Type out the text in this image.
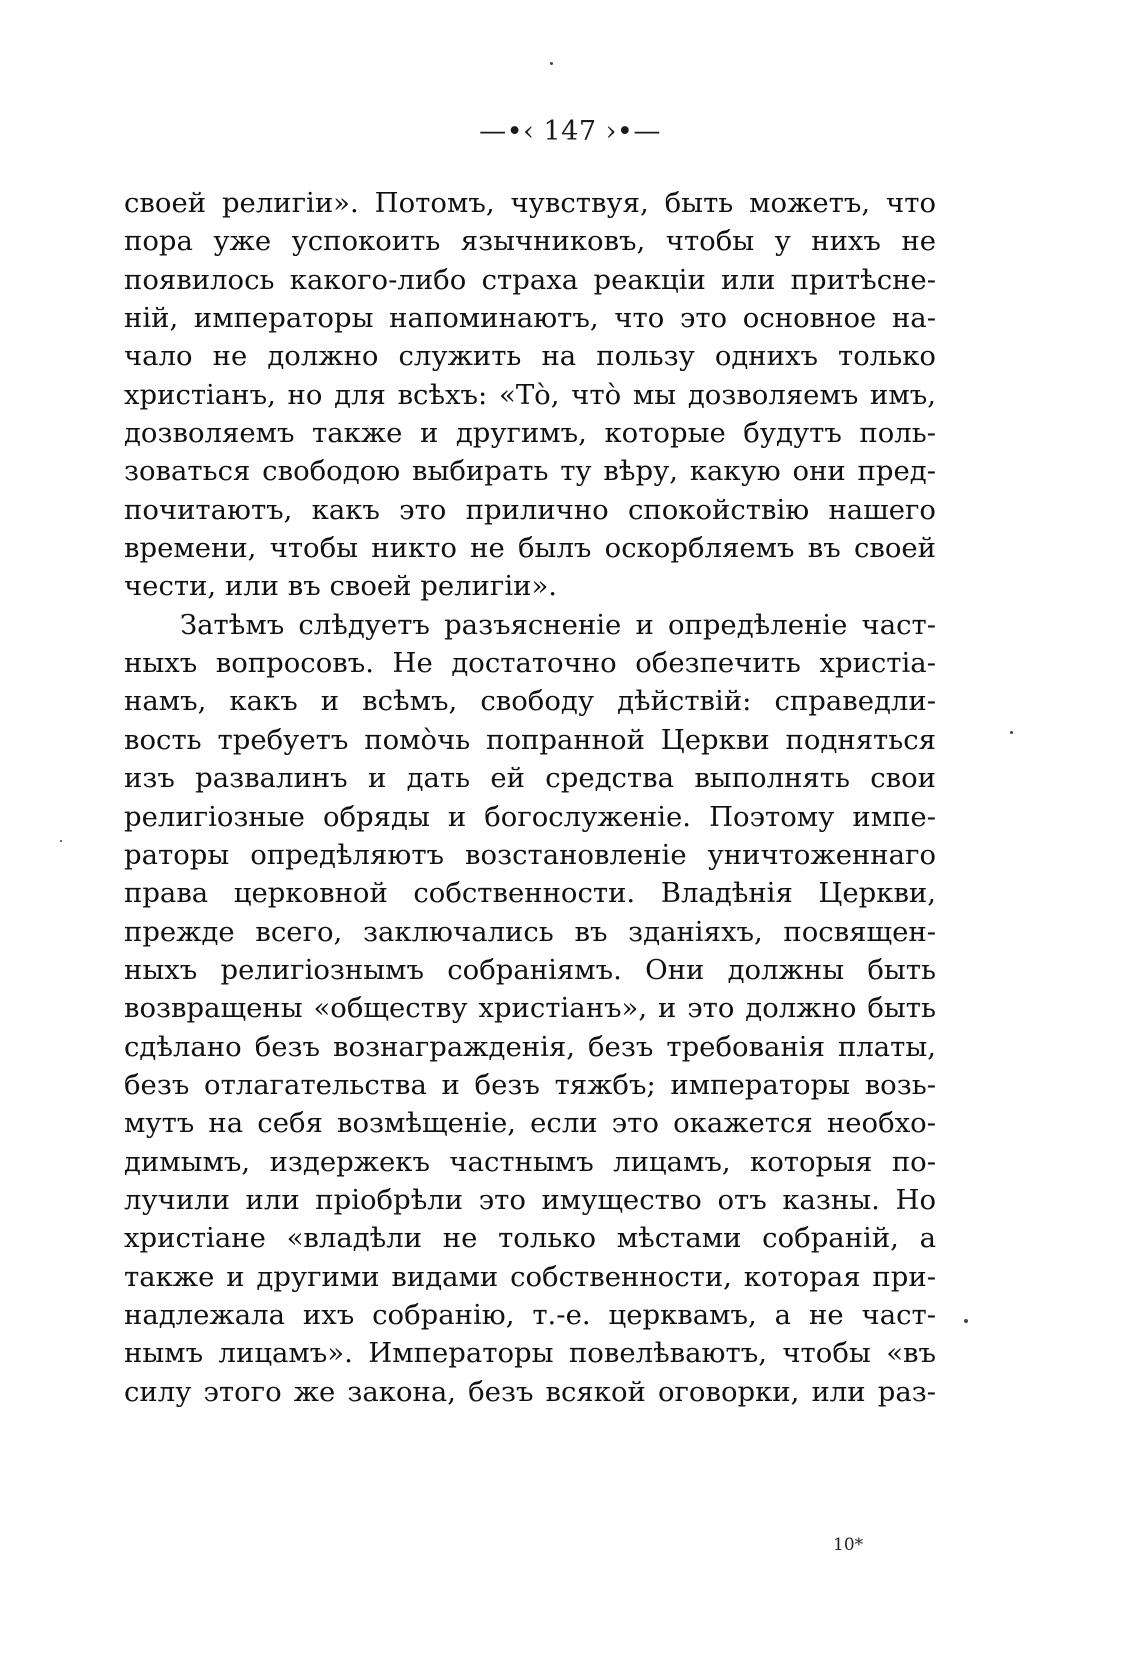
—•‹ 147 ›•—
своей религіи». Потомъ, чувствуя, быть можетъ, что
пора уже успокоить язычниковъ, чтобы у нихъ не
появилось какого-либо страха реакціи или притѣсне-
ній, императоры напоминаютъ, что это основное на-
чало не должно служить на пользу однихъ только
христіанъ, но для всѣхъ: «Тò, что̀ мы дозволяемъ имъ,
дозволяемъ также и другимъ, которые будутъ поль-
зоваться свободою выбирать ту вѣру, какую они пред-
почитаютъ, какъ это прилично спокойствію нашего
времени, чтобы никто не былъ оскорбляемъ въ своей
чести, или въ своей религіи».
Затѣмъ слѣдуетъ разъясненіе и опредѣленіе част-
ныхъ вопросовъ. Не достаточно обезпечить христіа-
намъ, какъ и всѣмъ, свободу дѣйствій: справедли-
вость требуетъ помо̀чь попранной Церкви подняться
изъ развалинъ и дать ей средства выполнять свои
религіозные обряды и богослуженіе. Поэтому импе-
раторы опредѣляютъ возстановленіе уничтоженнаго
права церковной собственности. Владѣнія Церкви,
прежде всего, заключались въ зданіяхъ, посвящен-
ныхъ религіознымъ собраніямъ. Они должны быть
возвращены «обществу христіанъ», и это должно быть
сдѣлано безъ вознагражденія, безъ требованія платы,
безъ отлагательства и безъ тяжбъ; императоры возь-
мутъ на себя возмѣщеніе, если это окажется необхо-
димымъ, издержекъ частнымъ лицамъ, которыя по-
лучили или пріобрѣли это имущество отъ казны. Но
христіане «владѣли не только мѣстами собраній, а
также и другими видами собственности, которая при-
надлежала ихъ собранію, т.-е. церквамъ, а не част-
нымъ лицамъ». Императоры повелѣваютъ, чтобы «въ
силу этого же закона, безъ всякой оговорки, или раз-
10*
